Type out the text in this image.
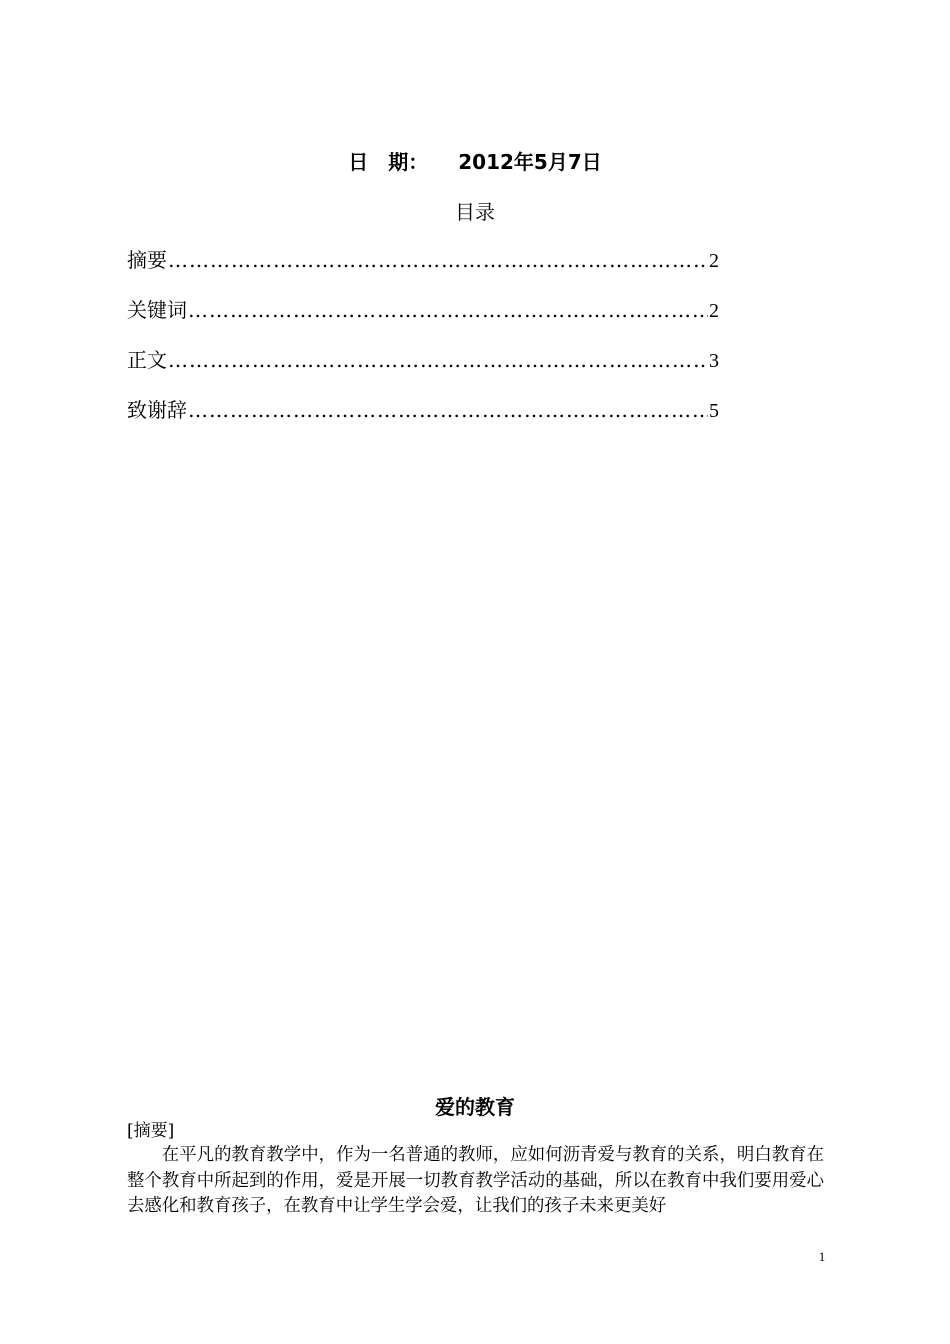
日　期： 2012年5月7日
目录
摘要 ……………………………………………………………………………………………………………………………………………………	2
关键词 ……………………………………………………………………………………………………………………………………………………	2
正文 ……………………………………………………………………………………………………………………………………………………	3
致谢辞 ……………………………………………………………………………………………………………………………………………………	5
爱的教育
[摘要]

在平凡的教育教学中，作为一名普通的教师，应如何沥青爱与教育的关系，明白教育在整个教育中所起到的作用，爱是开展一切教育教学活动的基础，所以在教育中我们要用爱心去感化和教育孩子，在教育中让学生学会爱，让我们的孩子未来更美好

1
